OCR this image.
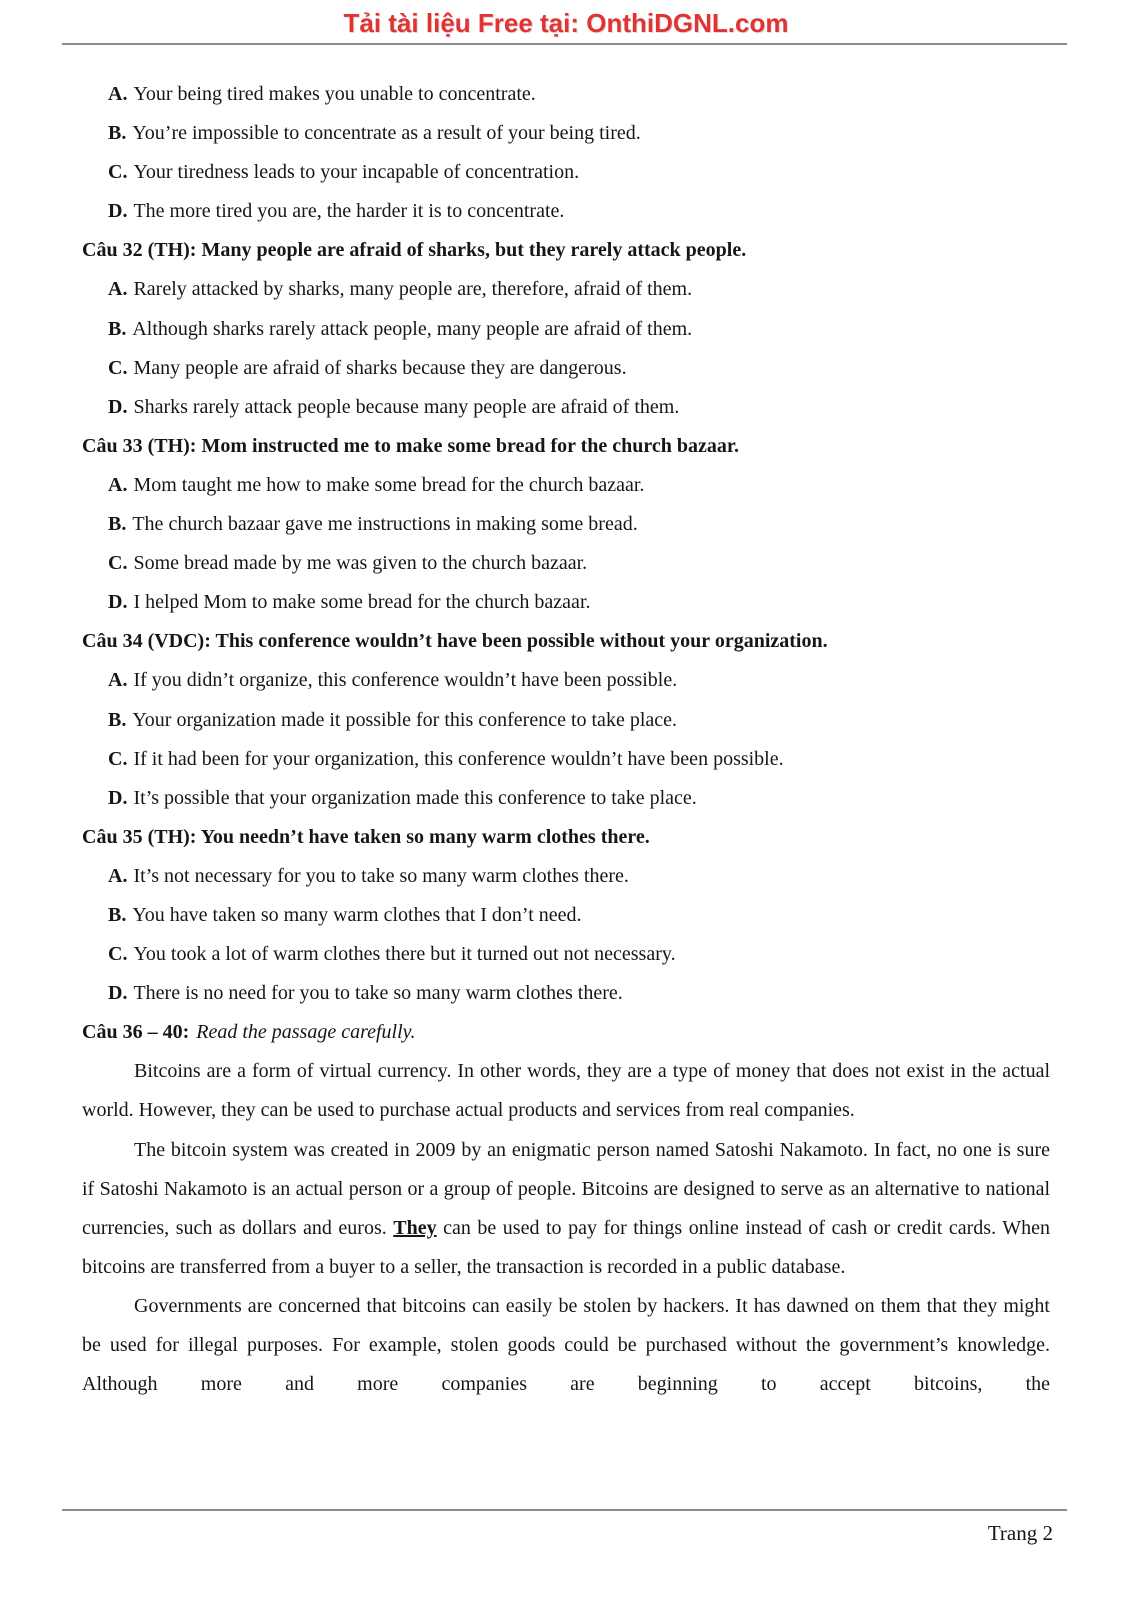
Tải tài liệu Free tại: OnthiDGNL.com
A. Your being tired makes you unable to concentrate.
B. You’re impossible to concentrate as a result of your being tired.
C. Your tiredness leads to your incapable of concentration.
D. The more tired you are, the harder it is to concentrate.
Câu 32 (TH): Many people are afraid of sharks, but they rarely attack people.
A. Rarely attacked by sharks, many people are, therefore, afraid of them.
B. Although sharks rarely attack people, many people are afraid of them.
C. Many people are afraid of sharks because they are dangerous.
D. Sharks rarely attack people because many people are afraid of them.
Câu 33 (TH): Mom instructed me to make some bread for the church bazaar.
A. Mom taught me how to make some bread for the church bazaar.
B. The church bazaar gave me instructions in making some bread.
C. Some bread made by me was given to the church bazaar.
D. I helped Mom to make some bread for the church bazaar.
Câu 34 (VDC): This conference wouldn’t have been possible without your organization.
A. If you didn’t organize, this conference wouldn’t have been possible.
B. Your organization made it possible for this conference to take place.
C. If it had been for your organization, this conference wouldn’t have been possible.
D. It’s possible that your organization made this conference to take place.
Câu 35 (TH): You needn’t have taken so many warm clothes there.
A. It’s not necessary for you to take so many warm clothes there.
B. You have taken so many warm clothes that I don’t need.
C. You took a lot of warm clothes there but it turned out not necessary.
D. There is no need for you to take so many warm clothes there.
Câu 36 – 40: Read the passage carefully.

Bitcoins are a form of virtual currency. In other words, they are a type of money that does not exist in the actual world. However, they can be used to purchase actual products and services from real companies.

The bitcoin system was created in 2009 by an enigmatic person named Satoshi Nakamoto. In fact, no one is sure if Satoshi Nakamoto is an actual person or a group of people. Bitcoins are designed to serve as an alternative to national currencies, such as dollars and euros. They can be used to pay for things online instead of cash or credit cards. When bitcoins are transferred from a buyer to a seller, the transaction is recorded in a public database.

Governments are concerned that bitcoins can easily be stolen by hackers. It has dawned on them that they might be used for illegal purposes. For example, stolen goods could be purchased without the government’s knowledge. Although more and more companies are beginning to accept bitcoins, the

Trang 2
